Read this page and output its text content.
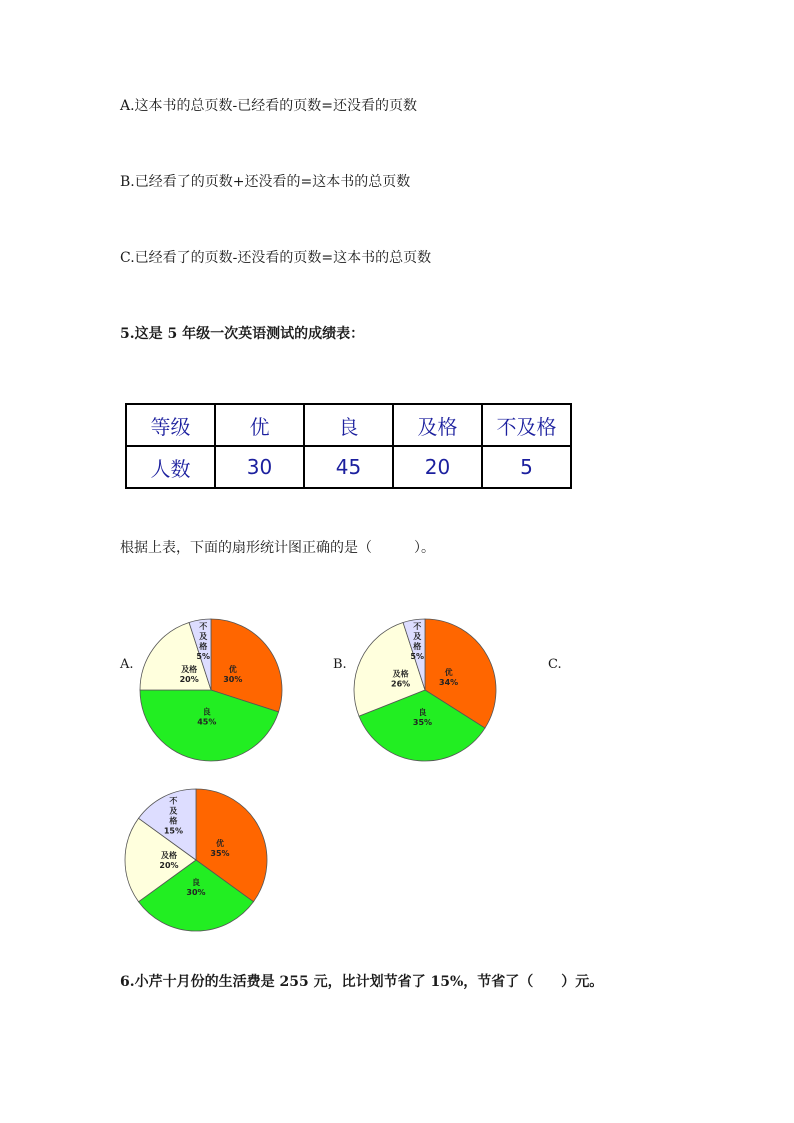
A.这本书的总页数-已经看的页数=还没看的页数
B.已经看了的页数+还没看的=这本书的总页数
C.已经看了的页数-还没看的页数=这本书的总页数
5.这是 5 年级一次英语测试的成绩表：
等级	优	良	及格	不及格
人数	30	45	20	5
根据上表，下面的扇形统计图正确的是（　　　）。
A.	B.	C.
优 30%
良 45%
及格 20%
不及格 5%
优 34%
良 35%
及格 26%
不及格 5%
优 35%
良 30%
及格 20%
不及格 15%
6.小芹十月份的生活费是 255 元，比计划节省了 15%，节省了（　　）元。
